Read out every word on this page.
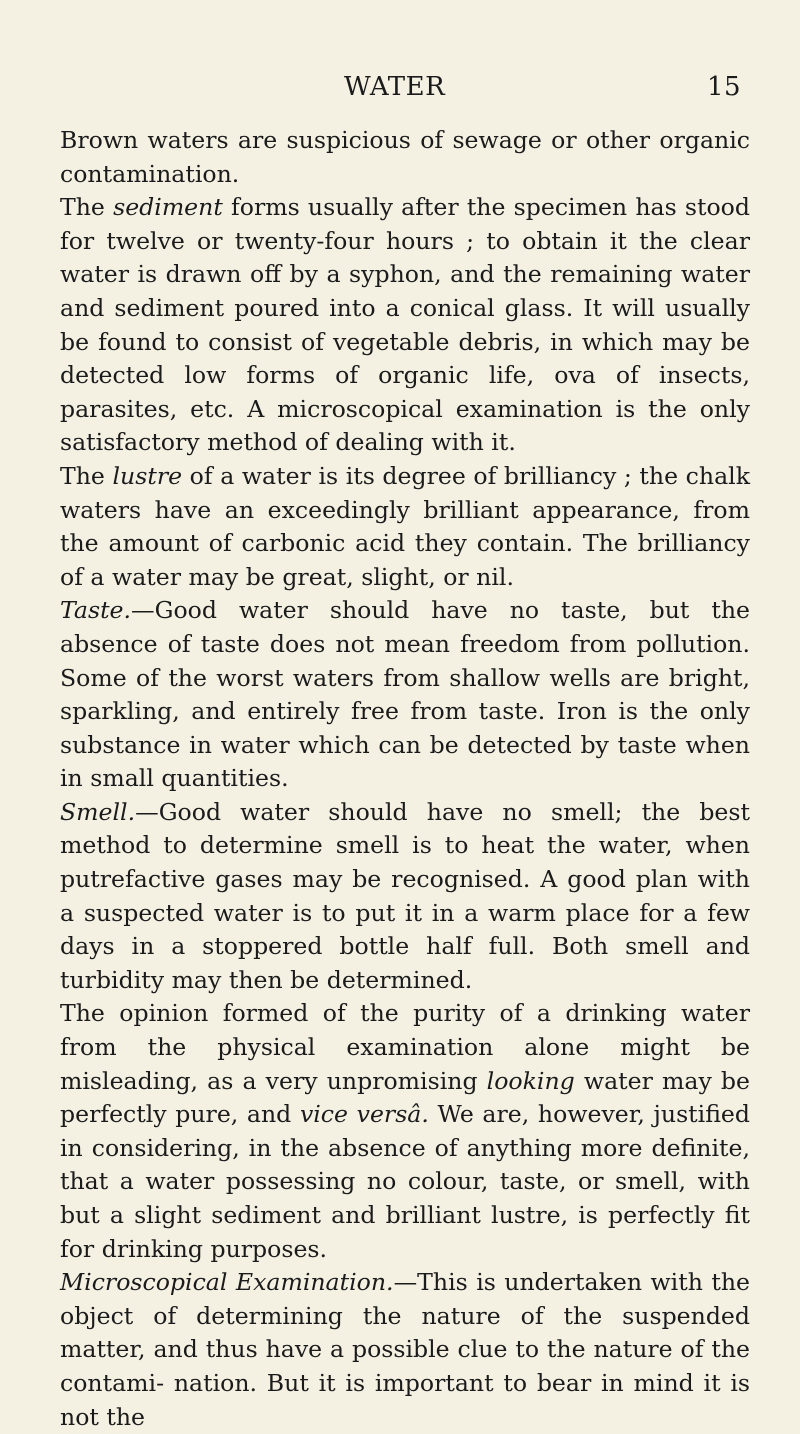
WATER	15

Brown waters are suspicious of sewage or other organic contamination.

The sediment forms usually after the specimen has stood for twelve or twenty-four hours ; to obtain it the clear water is drawn off by a syphon, and the remaining water and sediment poured into a conical glass. It will usually be found to consist of vegetable debris, in which may be detected low forms of organic life, ova of insects, parasites, etc. A microscopical examination is the only satisfactory method of dealing with it.

The lustre of a water is its degree of brilliancy ; the chalk waters have an exceedingly brilliant appearance, from the amount of carbonic acid they contain. The brilliancy of a water may be great, slight, or nil.

Taste.—Good water should have no taste, but the absence of taste does not mean freedom from pollution. Some of the worst waters from shallow wells are bright, sparkling, and entirely free from taste. Iron is the only substance in water which can be detected by taste when in small quantities.

Smell.—Good water should have no smell; the best method to determine smell is to heat the water, when putrefactive gases may be recognised. A good plan with a suspected water is to put it in a warm place for a few days in a stoppered bottle half full. Both smell and turbidity may then be determined.

The opinion formed of the purity of a drinking water from the physical examination alone might be misleading, as a very unpromising looking water may be perfectly pure, and vice versâ. We are, however, justified in considering, in the absence of anything more definite, that a water possessing no colour, taste, or smell, with but a slight sediment and brilliant lustre, is perfectly fit for drinking purposes.

Microscopical Examination.—This is undertaken with the object of determining the nature of the suspended matter, and thus have a possible clue to the nature of the contami- nation. But it is important to bear in mind it is not the
